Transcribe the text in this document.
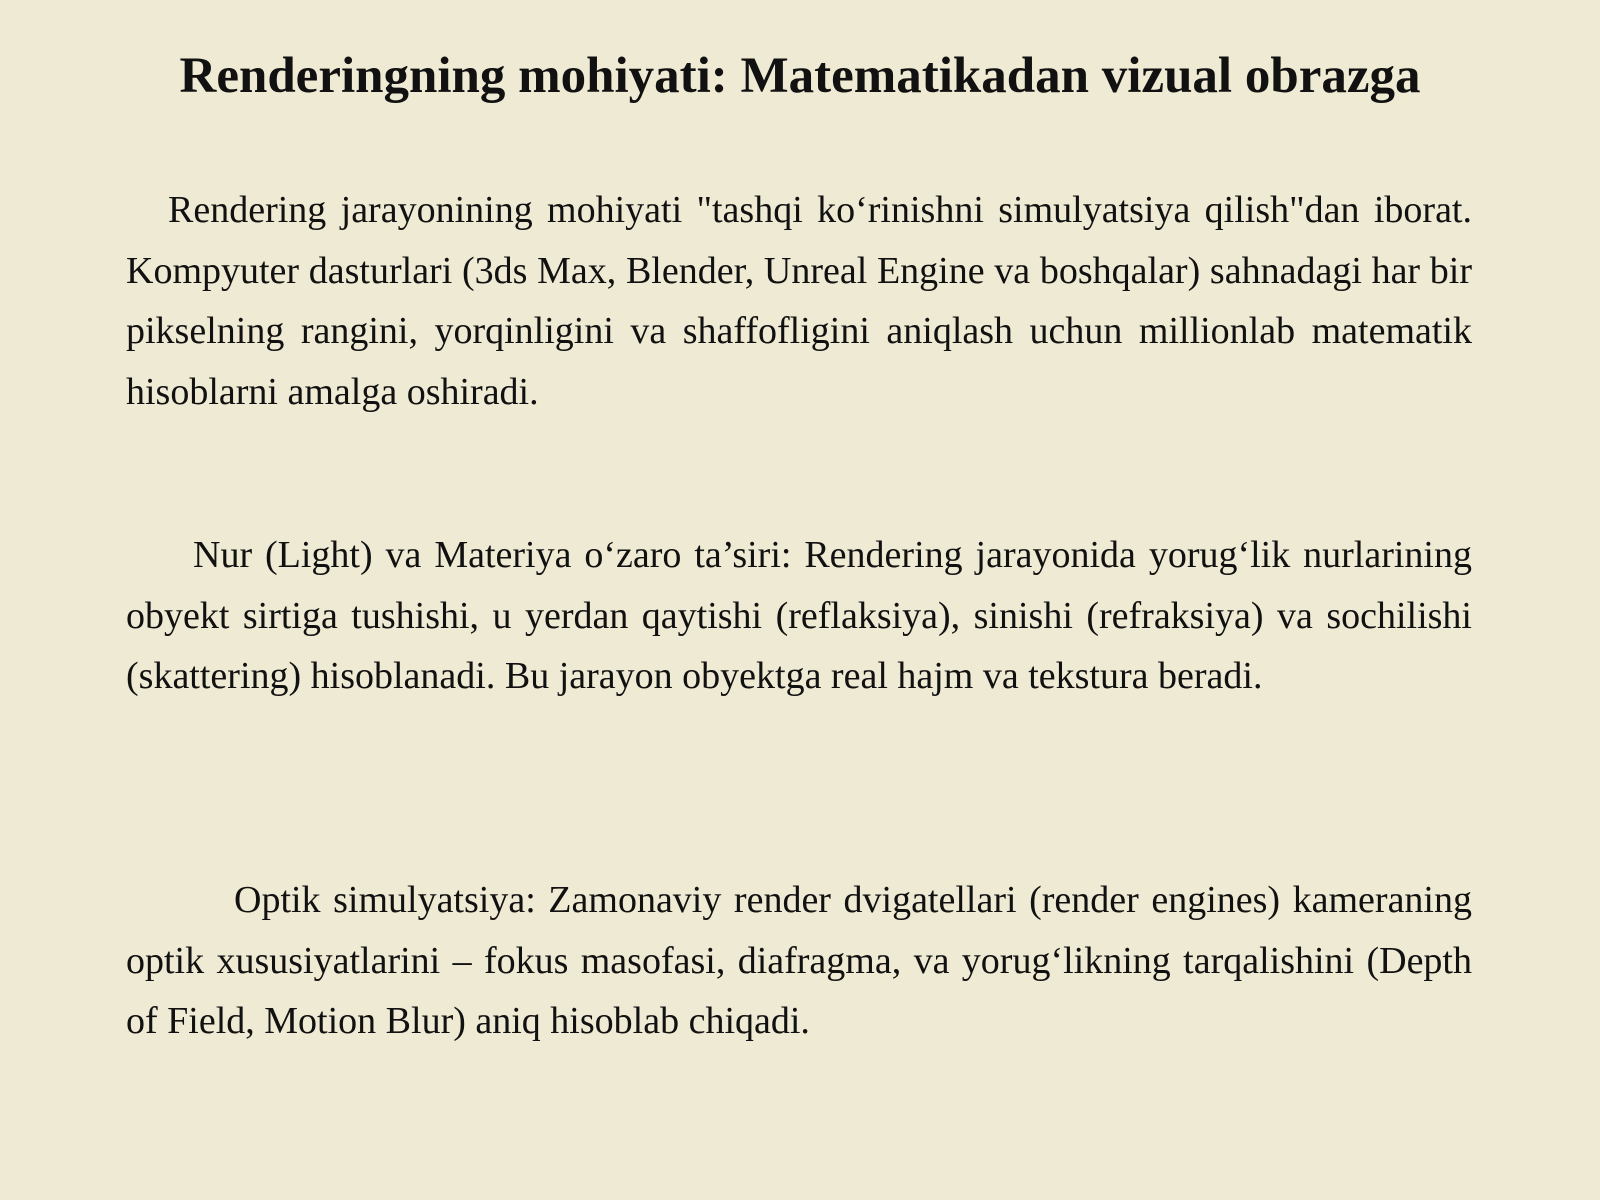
Renderingning mohiyati: Matematikadan vizual obrazga

Rendering jarayonining mohiyati "tashqi ko‘rinishni simulyatsiya qilish"dan iborat. Kompyuter dasturlari (3ds Max, Blender, Unreal Engine va boshqalar) sahnadagi har bir pikselning rangini, yorqinligini va shaffofligini aniqlash uchun millionlab matematik hisoblarni amalga oshiradi.

Nur (Light) va Materiya o‘zaro ta’siri: Rendering jarayonida yorug‘lik nurlarining obyekt sirtiga tushishi, u yerdan qaytishi (reflaksiya), sinishi (refraksiya) va sochilishi (skattering) hisoblanadi. Bu jarayon obyektga real hajm va tekstura beradi.

Optik simulyatsiya: Zamonaviy render dvigatellari (render engines) kameraning optik xususiyatlarini – fokus masofasi, diafragma, va yorug‘likning tarqalishini (Depth of Field, Motion Blur) aniq hisoblab chiqadi.
